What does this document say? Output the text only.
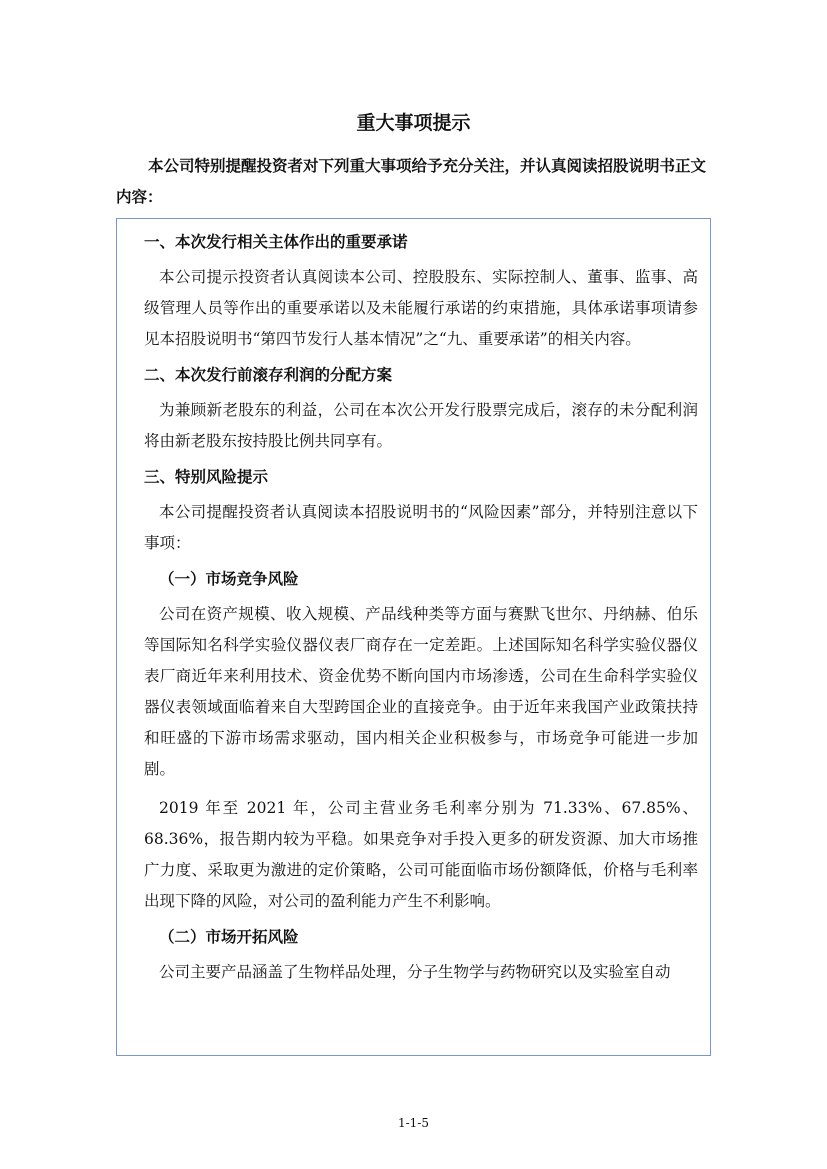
重大事项提示

本公司特别提醒投资者对下列重大事项给予充分关注，并认真阅读招股说明书正文内容：

一、本次发行相关主体作出的重要承诺

本公司提示投资者认真阅读本公司、控股股东、实际控制人、董事、监事、高级管理人员等作出的重要承诺以及未能履行承诺的约束措施，具体承诺事项请参见本招股说明书“第四节发行人基本情况”之“九、重要承诺”的相关内容。

二、本次发行前滚存利润的分配方案

为兼顾新老股东的利益，公司在本次公开发行股票完成后，滚存的未分配利润将由新老股东按持股比例共同享有。

三、特别风险提示

本公司提醒投资者认真阅读本招股说明书的“风险因素”部分，并特别注意以下事项：

（一）市场竞争风险

公司在资产规模、收入规模、产品线种类等方面与赛默飞世尔、丹纳赫、伯乐等国际知名科学实验仪器仪表厂商存在一定差距。上述国际知名科学实验仪器仪表厂商近年来利用技术、资金优势不断向国内市场渗透，公司在生命科学实验仪器仪表领域面临着来自大型跨国企业的直接竞争。由于近年来我国产业政策扶持和旺盛的下游市场需求驱动，国内相关企业积极参与，市场竞争可能进一步加剧。

2019 年至 2021 年，公司主营业务毛利率分别为 71.33%、67.85%、68.36%，报告期内较为平稳。如果竞争对手投入更多的研发资源、加大市场推广力度、采取更为激进的定价策略，公司可能面临市场份额降低，价格与毛利率出现下降的风险，对公司的盈利能力产生不利影响。

（二）市场开拓风险

公司主要产品涵盖了生物样品处理，分子生物学与药物研究以及实验室自动

1-1-5
